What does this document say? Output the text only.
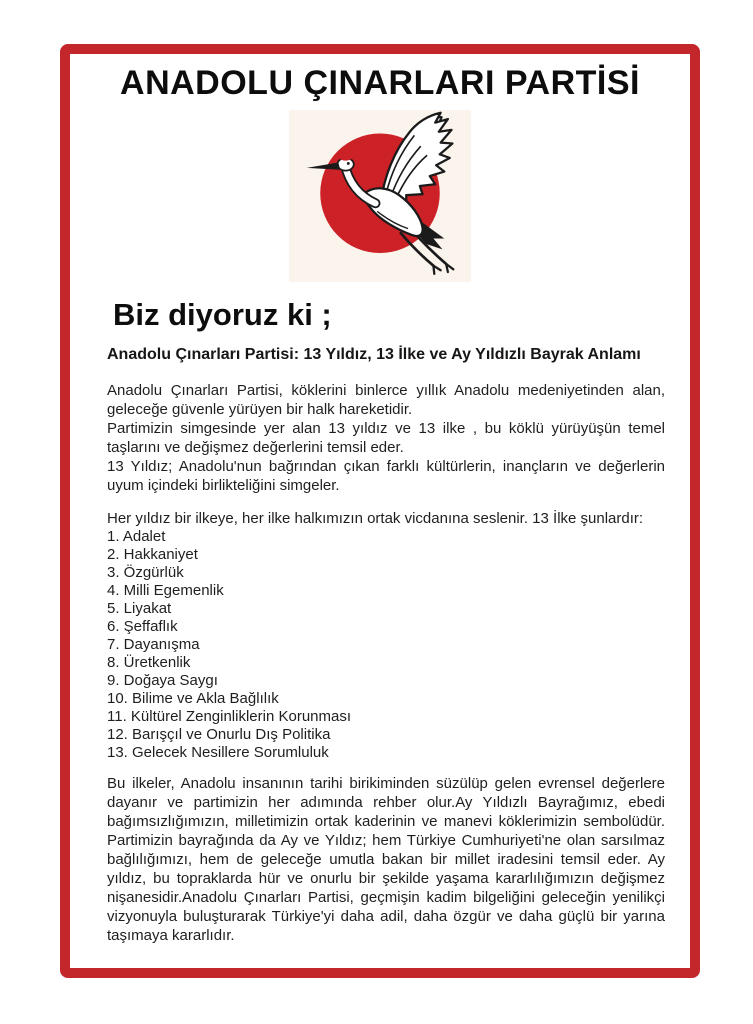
ANADOLU ÇINARLARI PARTİSİ
Biz diyoruz ki ;
Anadolu Çınarları Partisi: 13 Yıldız, 13 İlke ve Ay Yıldızlı Bayrak Anlamı

Anadolu Çınarları Partisi, köklerini binlerce yıllık Anadolu medeniyetinden alan, geleceğe güvenle yürüyen bir halk hareketidir.

Partimizin simgesinde yer alan 13 yıldız ve 13 ilke , bu köklü yürüyüşün temel taşlarını ve değişmez değerlerini temsil eder.

13 Yıldız; Anadolu'nun bağrından çıkan farklı kültürlerin, inançların ve değerlerin uyum içindeki birlikteliğini simgeler.

Her yıldız bir ilkeye, her ilke halkımızın ortak vicdanına seslenir. 13 İlke şunlardır:

1. Adalet
2. Hakkaniyet
3. Özgürlük
4. Milli Egemenlik
5. Liyakat
6. Şeffaflık
7. Dayanışma
8. Üretkenlik
9. Doğaya Saygı
10. Bilime ve Akla Bağlılık
11. Kültürel Zenginliklerin Korunması
12. Barışçıl ve Onurlu Dış Politika
13. Gelecek Nesillere Sorumluluk

Bu ilkeler, Anadolu insanının tarihi birikiminden süzülüp gelen evrensel değerlere dayanır ve partimizin her adımında rehber olur.Ay Yıldızlı Bayrağımız, ebedi bağımsızlığımızın, milletimizin ortak kaderinin ve manevi köklerimizin sembolüdür. Partimizin bayrağında da Ay ve Yıldız; hem Türkiye Cumhuriyeti'ne olan sarsılmaz bağlılığımızı, hem de geleceğe umutla bakan bir millet iradesini temsil eder. Ay yıldız, bu topraklarda hür ve onurlu bir şekilde yaşama kararlılığımızın değişmez nişanesidir.Anadolu Çınarları Partisi, geçmişin kadim bilgeliğini geleceğin yenilikçi vizyonuyla buluşturarak Türkiye'yi daha adil, daha özgür ve daha güçlü bir yarına taşımaya kararlıdır.
